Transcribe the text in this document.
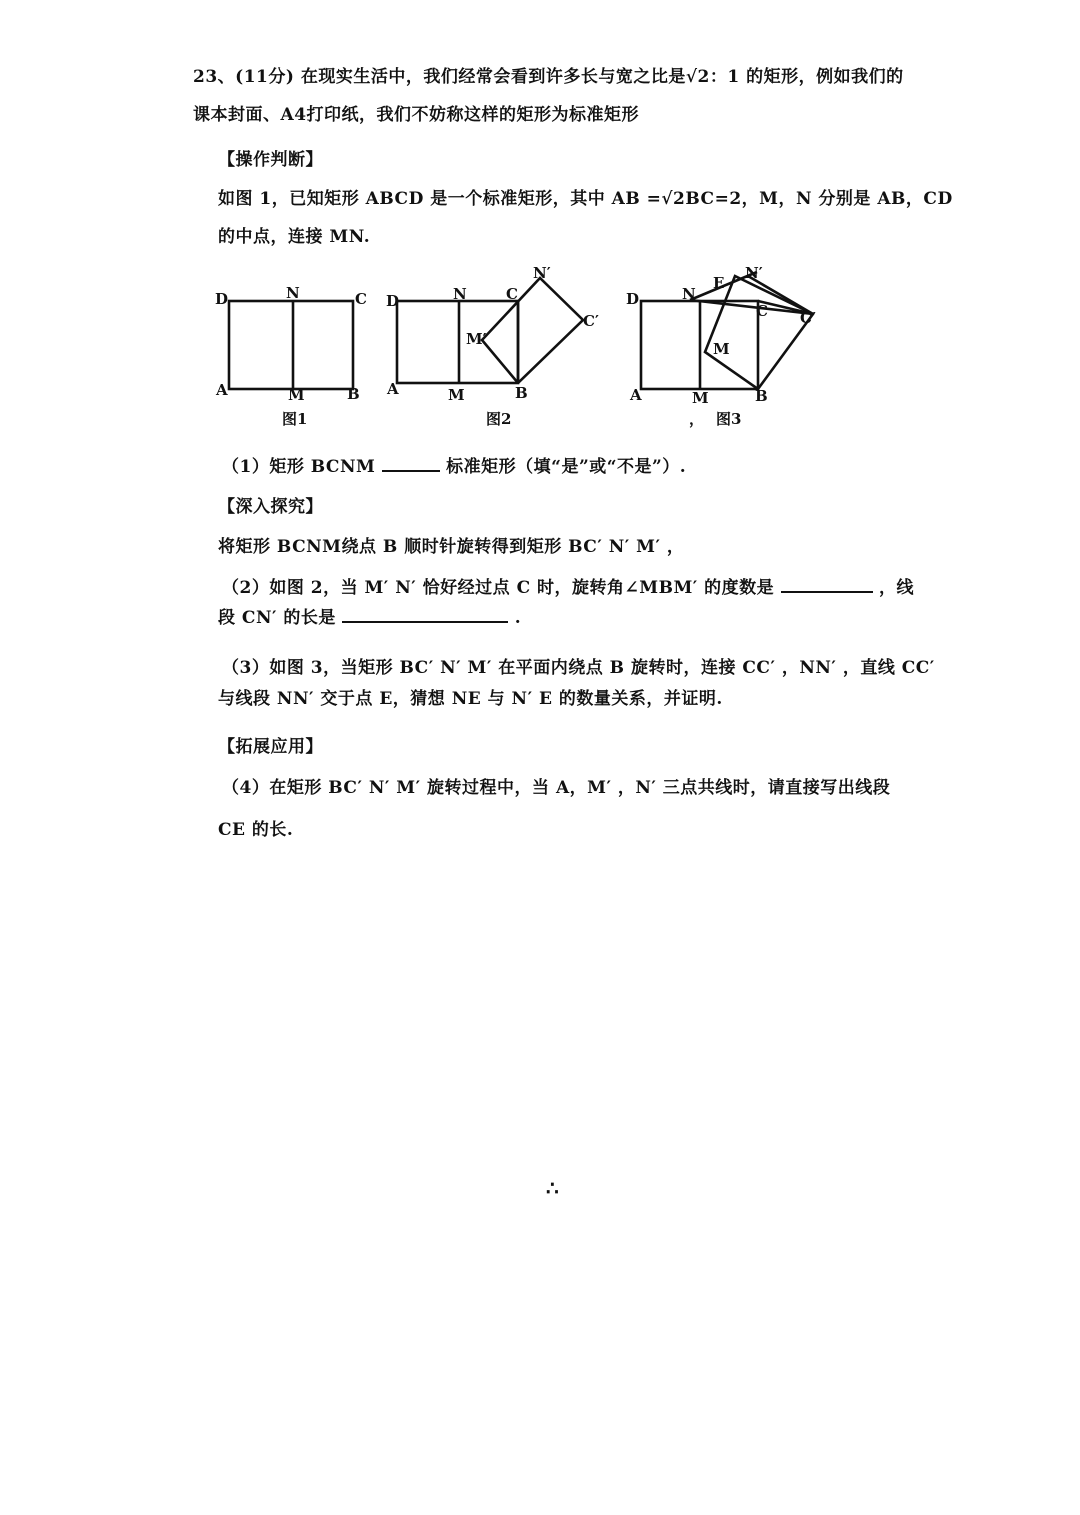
23、(11分) 在现实生活中，我们经常会看到许多长与宽之比是√2：1 的矩形，例如我们的
课本封面、A4打印纸，我们不妨称这样的矩形为标准矩形
【操作判断】
如图 1，已知矩形 ABCD 是一个标准矩形，其中 AB =√2BC=2，M，N 分别是 AB，CD
的中点，连接 MN.
D	N	C
A	M	B
图1
D	N	C
A	M	B
N′
C′
M′
图2
D	N
A	M	B
E
N′
C C′
M
， 图3
（1）矩形 BCNM	标准矩形（填“是”或“不是”）.
【深入探究】
将矩形 BCNM绕点 B 顺时针旋转得到矩形 BC′ N′ M′ ，
（2）如图 2，当 M′ N′ 恰好经过点 C 时，旋转角∠MBM′ 的度数是	，线
段 CN′ 的长是	.
（3）如图 3，当矩形 BC′ N′ M′ 在平面内绕点 B 旋转时，连接 CC′ ，NN′ ，直线 CC′
与线段 NN′ 交于点 E，猜想 NE 与 N′ E 的数量关系，并证明.
【拓展应用】
（4）在矩形 BC′ N′ M′ 旋转过程中，当 A，M′ ，N′ 三点共线时，请直接写出线段
CE 的长.
∴
